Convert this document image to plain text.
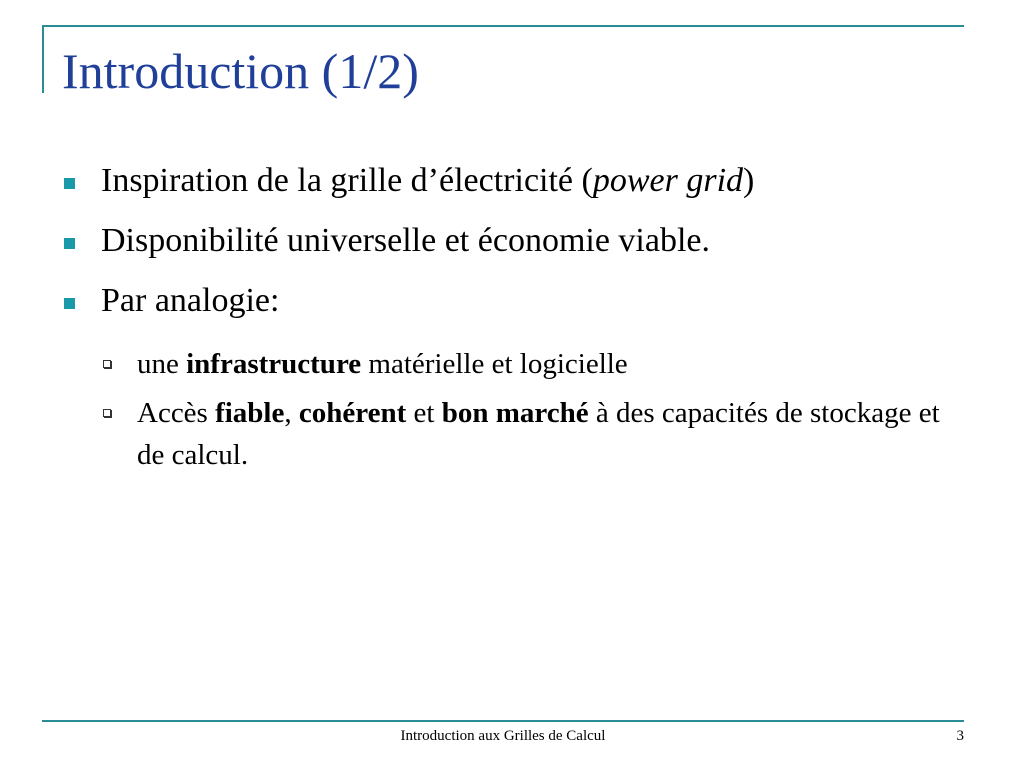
Introduction (1/2)
Inspiration de la grille d’électricité (power grid)
Disponibilité universelle et économie viable.
Par analogie:
une infrastructure matérielle et logicielle
Accès fiable, cohérent et bon marché à des capacités de stockage et de calcul.
Introduction aux Grilles de Calcul	3
